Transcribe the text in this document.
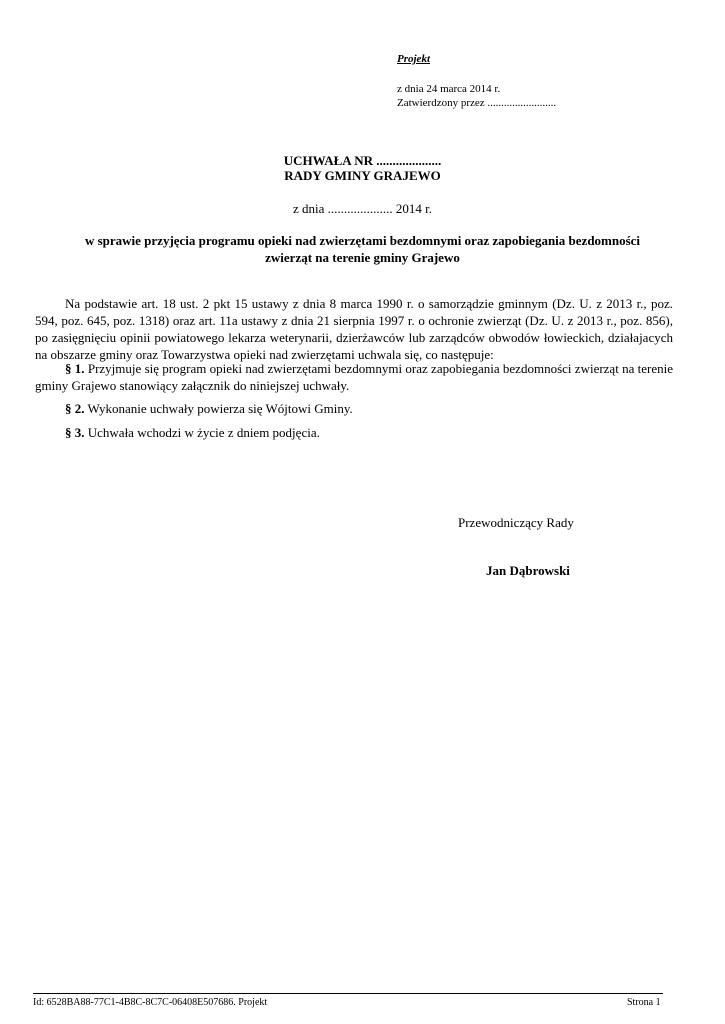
Projekt
z dnia 24 marca 2014 r.
Zatwierdzony przez .........................
UCHWAŁA NR ....................
RADY GMINY GRAJEWO
z dnia .................... 2014 r.
w sprawie przyjęcia programu opieki nad zwierzętami bezdomnymi oraz zapobiegania bezdomności
zwierząt na terenie gminy Grajewo
Na podstawie art. 18 ust. 2 pkt 15 ustawy z dnia 8 marca 1990 r. o samorządzie gminnym (Dz. U. z 2013 r., poz. 594, poz. 645, poz. 1318) oraz art. 11a ustawy z dnia 21 sierpnia 1997 r. o ochronie zwierząt (Dz. U. z 2013 r., poz. 856), po zasięgnięciu opinii powiatowego lekarza weterynarii, dzierżawców lub zarządców obwodów łowieckich, działajacych na obszarze gminy oraz Towarzystwa opieki nad zwierzętami uchwala się, co następuje:
§ 1. Przyjmuje się program opieki nad zwierzętami bezdomnymi oraz zapobiegania bezdomności zwierząt na terenie gminy Grajewo stanowiący załącznik do niniejszej uchwały.
§ 2. Wykonanie uchwały powierza się Wójtowi Gminy.
§ 3. Uchwała wchodzi w życie z dniem podjęcia.
Przewodniczący Rady
Jan Dąbrowski
Id: 6528BA88-77C1-4B8C-8C7C-06408E507686. Projekt	Strona 1
